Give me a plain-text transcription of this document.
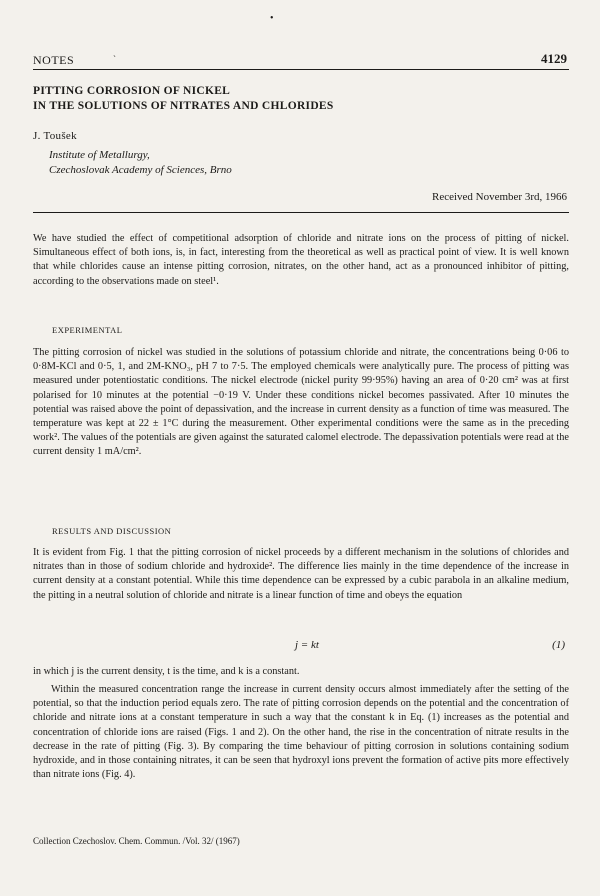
•
`
NOTES	4129
PITTING CORROSION OF NICKEL
IN THE SOLUTIONS OF NITRATES AND CHLORIDES
J. Toušek
Institute of Metallurgy,
Czechoslovak Academy of Sciences, Brno
Received November 3rd, 1966
We have studied the effect of competitional adsorption of chloride and nitrate ions on the process of pitting of nickel. Simultaneous effect of both ions, is, in fact, interesting from the theoretical as well as practical point of view. It is well known that while chlorides cause an intense pitting corrosion, nitrates, on the other hand, act as a pronounced inhibitor of pitting, according to the observations made on steel¹.
EXPERIMENTAL
The pitting corrosion of nickel was studied in the solutions of potassium chloride and nitrate, the concentrations being 0·06 to 0·8M-KCl and 0·5, 1, and 2M-KNO₃, pH 7 to 7·5. The employed chemicals were analytically pure. The process of pitting was measured under potentiostatic conditions. The nickel electrode (nickel purity 99·95%) having an area of 0·20 cm² was at first polarised for 10 minutes at the potential −0·19 V. Under these conditions nickel becomes passivated. After 10 minutes the potential was raised above the point of depassivation, and the increase in current density as a function of time was measured. The temperature was kept at 22 ± 1°C during the measurement. Other experimental conditions were the same as in the preceding work². The values of the potentials are given against the saturated calomel electrode. The depassivation potentials were read at the current density 1 mA/cm².
RESULTS AND DISCUSSION
It is evident from Fig. 1 that the pitting corrosion of nickel proceeds by a different mechanism in the solutions of chlorides and nitrates than in those of sodium chloride and hydroxide². The difference lies mainly in the time dependence of the increase in current density at a constant potential. While this time dependence can be expressed by a cubic parabola in an alkaline medium, the pitting in a neutral solution of chloride and nitrate is a linear function of time and obeys the equation
j = kt	(1)
in which j is the current density, t is the time, and k is a constant.
Within the measured concentration range the increase in current density occurs almost immediately after the setting of the potential, so that the induction period equals zero. The rate of pitting corrosion depends on the potential and the concentration of chloride and nitrate ions at a constant temperature in such a way that the constant k in Eq. (1) increases as the potential and concentration of chloride ions are raised (Figs. 1 and 2). On the other hand, the rise in the concentration of nitrate results in the decrease in the rate of pitting (Fig. 3). By comparing the time behaviour of pitting corrosion in solutions containing sodium hydroxide, and in those containing nitrates, it can be seen that hydroxyl ions prevent the formation of active pits more effectively than nitrate ions (Fig. 4).
Collection Czechoslov. Chem. Commun. /Vol. 32/ (1967)
